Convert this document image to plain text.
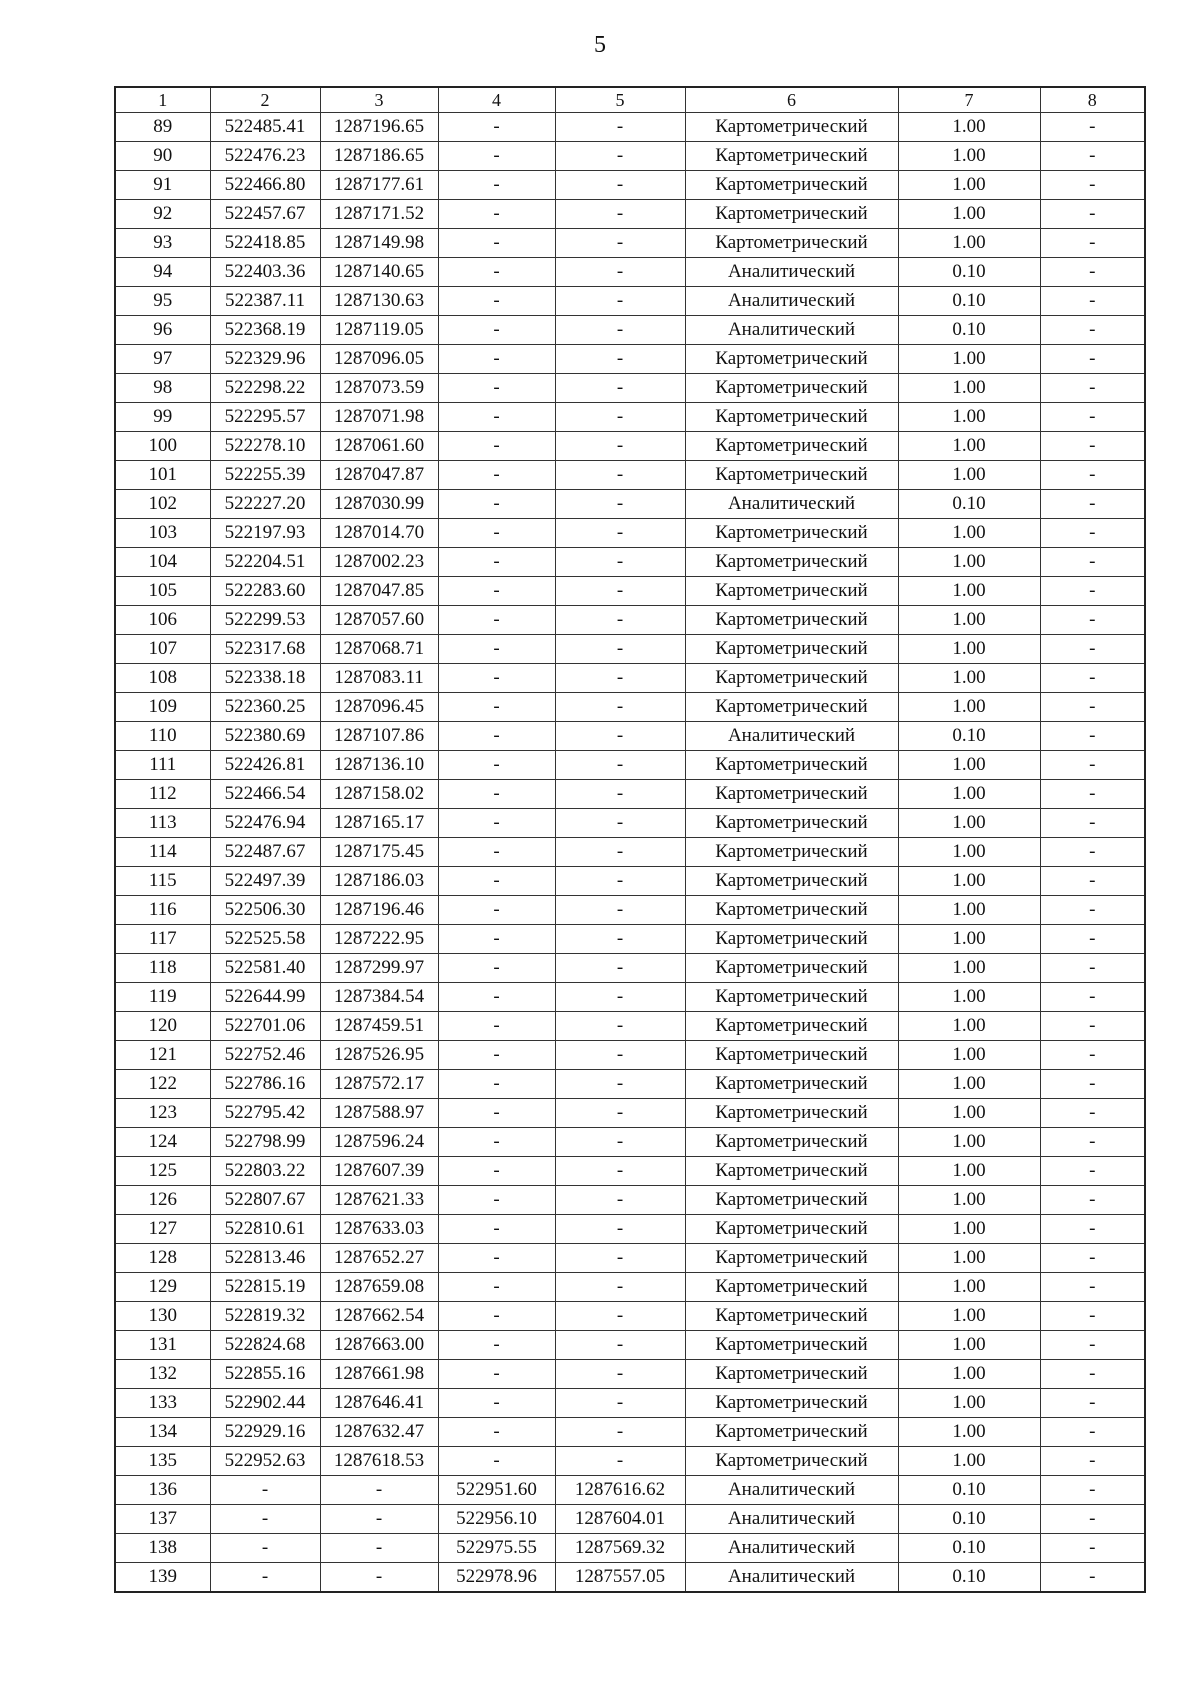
5
1	2	3	4	5	6	7	8
89	522485.41	1287196.65	-	-	Картометрический	1.00	-
90	522476.23	1287186.65	-	-	Картометрический	1.00	-
91	522466.80	1287177.61	-	-	Картометрический	1.00	-
92	522457.67	1287171.52	-	-	Картометрический	1.00	-
93	522418.85	1287149.98	-	-	Картометрический	1.00	-
94	522403.36	1287140.65	-	-	Аналитический	0.10	-
95	522387.11	1287130.63	-	-	Аналитический	0.10	-
96	522368.19	1287119.05	-	-	Аналитический	0.10	-
97	522329.96	1287096.05	-	-	Картометрический	1.00	-
98	522298.22	1287073.59	-	-	Картометрический	1.00	-
99	522295.57	1287071.98	-	-	Картометрический	1.00	-
100	522278.10	1287061.60	-	-	Картометрический	1.00	-
101	522255.39	1287047.87	-	-	Картометрический	1.00	-
102	522227.20	1287030.99	-	-	Аналитический	0.10	-
103	522197.93	1287014.70	-	-	Картометрический	1.00	-
104	522204.51	1287002.23	-	-	Картометрический	1.00	-
105	522283.60	1287047.85	-	-	Картометрический	1.00	-
106	522299.53	1287057.60	-	-	Картометрический	1.00	-
107	522317.68	1287068.71	-	-	Картометрический	1.00	-
108	522338.18	1287083.11	-	-	Картометрический	1.00	-
109	522360.25	1287096.45	-	-	Картометрический	1.00	-
110	522380.69	1287107.86	-	-	Аналитический	0.10	-
111	522426.81	1287136.10	-	-	Картометрический	1.00	-
112	522466.54	1287158.02	-	-	Картометрический	1.00	-
113	522476.94	1287165.17	-	-	Картометрический	1.00	-
114	522487.67	1287175.45	-	-	Картометрический	1.00	-
115	522497.39	1287186.03	-	-	Картометрический	1.00	-
116	522506.30	1287196.46	-	-	Картометрический	1.00	-
117	522525.58	1287222.95	-	-	Картометрический	1.00	-
118	522581.40	1287299.97	-	-	Картометрический	1.00	-
119	522644.99	1287384.54	-	-	Картометрический	1.00	-
120	522701.06	1287459.51	-	-	Картометрический	1.00	-
121	522752.46	1287526.95	-	-	Картометрический	1.00	-
122	522786.16	1287572.17	-	-	Картометрический	1.00	-
123	522795.42	1287588.97	-	-	Картометрический	1.00	-
124	522798.99	1287596.24	-	-	Картометрический	1.00	-
125	522803.22	1287607.39	-	-	Картометрический	1.00	-
126	522807.67	1287621.33	-	-	Картометрический	1.00	-
127	522810.61	1287633.03	-	-	Картометрический	1.00	-
128	522813.46	1287652.27	-	-	Картометрический	1.00	-
129	522815.19	1287659.08	-	-	Картометрический	1.00	-
130	522819.32	1287662.54	-	-	Картометрический	1.00	-
131	522824.68	1287663.00	-	-	Картометрический	1.00	-
132	522855.16	1287661.98	-	-	Картометрический	1.00	-
133	522902.44	1287646.41	-	-	Картометрический	1.00	-
134	522929.16	1287632.47	-	-	Картометрический	1.00	-
135	522952.63	1287618.53	-	-	Картометрический	1.00	-
136	-	-	522951.60	1287616.62	Аналитический	0.10	-
137	-	-	522956.10	1287604.01	Аналитический	0.10	-
138	-	-	522975.55	1287569.32	Аналитический	0.10	-
139	-	-	522978.96	1287557.05	Аналитический	0.10	-
